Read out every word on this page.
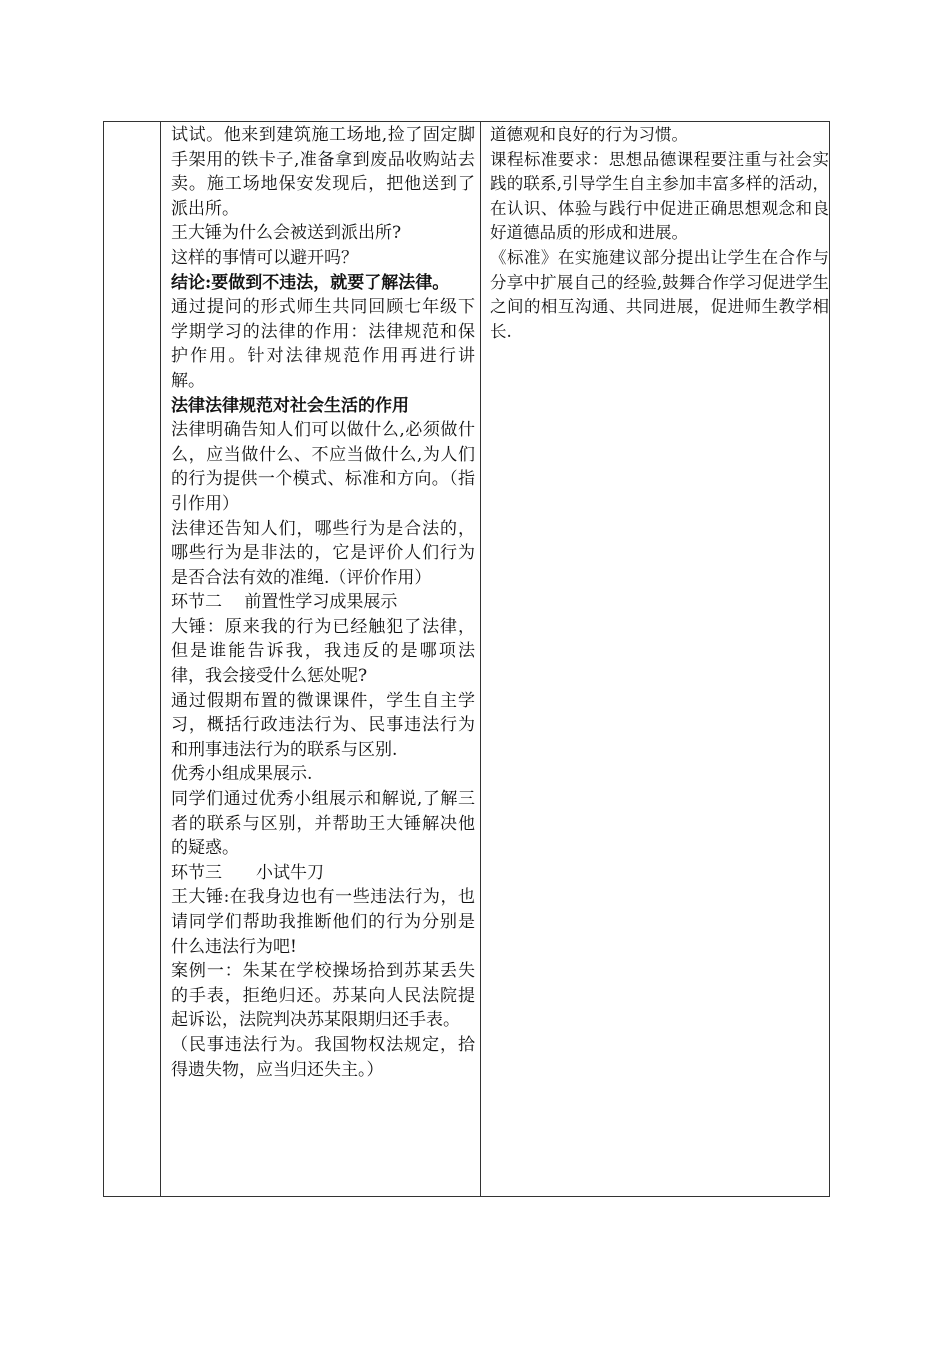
试试。他来到建筑施工场地,捡了固定脚手架用的铁卡子,准备拿到废品收购站去卖。施工场地保安发现后，把他送到了派出所。

王大锤为什么会被送到派出所?

这样的事情可以避开吗？

结论:要做到不违法，就要了解法律。

通过提问的形式师生共同回顾七年级下学期学习的法律的作用：法律规范和保护作用。针对法律规范作用再进行讲解。

法律法律规范对社会生活的作用

法律明确告知人们可以做什么,必须做什么，应当做什么、不应当做什么,为人们的行为提供一个模式、标准和方向。（指引作用）

法律还告知人们，哪些行为是合法的，哪些行为是非法的，它是评价人们行为是否合法有效的准绳.（评价作用）

环节二　 前置性学习成果展示

大锤：原来我的行为已经触犯了法律，但是谁能告诉我，我违反的是哪项法律，我会接受什么惩处呢?

通过假期布置的微课课件，学生自主学习，概括行政违法行为、民事违法行为和刑事违法行为的联系与区别.

优秀小组成果展示.

同学们通过优秀小组展示和解说,了解三者的联系与区别，并帮助王大锤解决他的疑惑。

环节三　　小试牛刀

王大锤:在我身边也有一些违法行为，也请同学们帮助我推断他们的行为分别是什么违法行为吧!

案例一：朱某在学校操场拾到苏某丢失的手表，拒绝归还。苏某向人民法院提起诉讼，法院判决苏某限期归还手表。

（民事违法行为。我国物权法规定，拾得遗失物，应当归还失主。）

道德观和良好的行为习惯。

课程标准要求：思想品德课程要注重与社会实践的联系,引导学生自主参加丰富多样的活动，在认识、体验与践行中促进正确思想观念和良好道德品质的形成和进展。

《标准》在实施建议部分提出让学生在合作与分享中扩展自己的经验,鼓舞合作学习促进学生之间的相互沟通、共同进展，促进师生教学相长.
